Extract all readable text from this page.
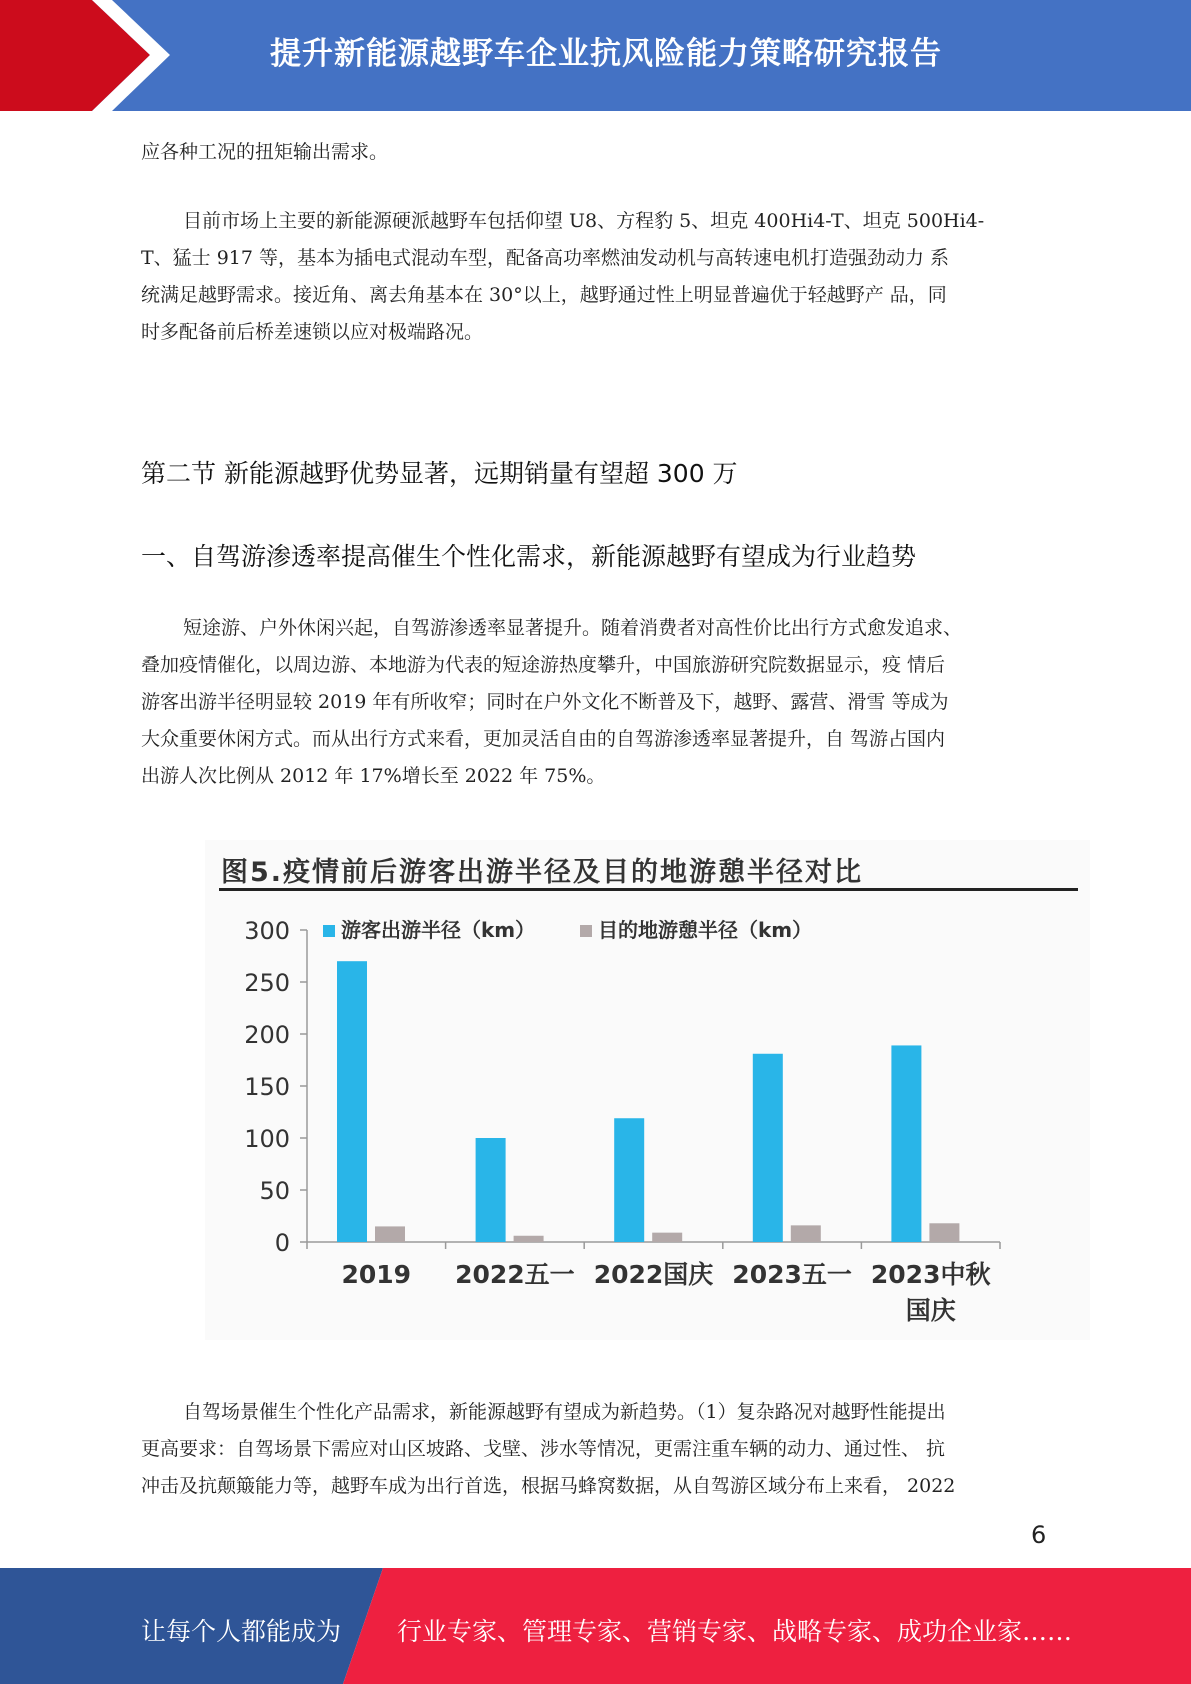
提升新能源越野车企业抗风险能力策略研究报告
应各种工况的扭矩输出需求。
目前市场上主要的新能源硬派越野车包括仰望 U8、方程豹 5、坦克 400Hi4-T、坦克 500Hi4-
T、猛士 917 等，基本为插电式混动车型，配备高功率燃油发动机与高转速电机打造强劲动力 系
统满足越野需求。接近角、离去角基本在 30°以上，越野通过性上明显普遍优于轻越野产 品，同
时多配备前后桥差速锁以应对极端路况。
第二节 新能源越野优势显著，远期销量有望超 300 万
一、自驾游渗透率提高催生个性化需求，新能源越野有望成为行业趋势
短途游、户外休闲兴起，自驾游渗透率显著提升。随着消费者对高性价比出行方式愈发追求、
叠加疫情催化，以周边游、本地游为代表的短途游热度攀升，中国旅游研究院数据显示，疫 情后
游客出游半径明显较 2019 年有所收窄；同时在户外文化不断普及下，越野、露营、滑雪 等成为
大众重要休闲方式。而从出行方式来看，更加灵活自由的自驾游渗透率显著提升，自 驾游占国内
出游人次比例从 2012 年 17%增长至 2022 年 75%。
图5.疫情前后游客出游半径及目的地游憩半径对比
0
50
100
150
200
250
300
2019 2022五一 2022国庆 2023五一 2023中秋
国庆
游客出游半径（km）	目的地游憩半径（km）
自驾场景催生个性化产品需求，新能源越野有望成为新趋势。（1）复杂路况对越野性能提出
更高要求：自驾场景下需应对山区坡路、戈壁、涉水等情况，更需注重车辆的动力、通过性、 抗
冲击及抗颠簸能力等，越野车成为出行首选，根据马蜂窝数据，从自驾游区域分布上来看， 2022
6
让每个人都能成为 行业专家、管理专家、营销专家、战略专家、成功企业家……
